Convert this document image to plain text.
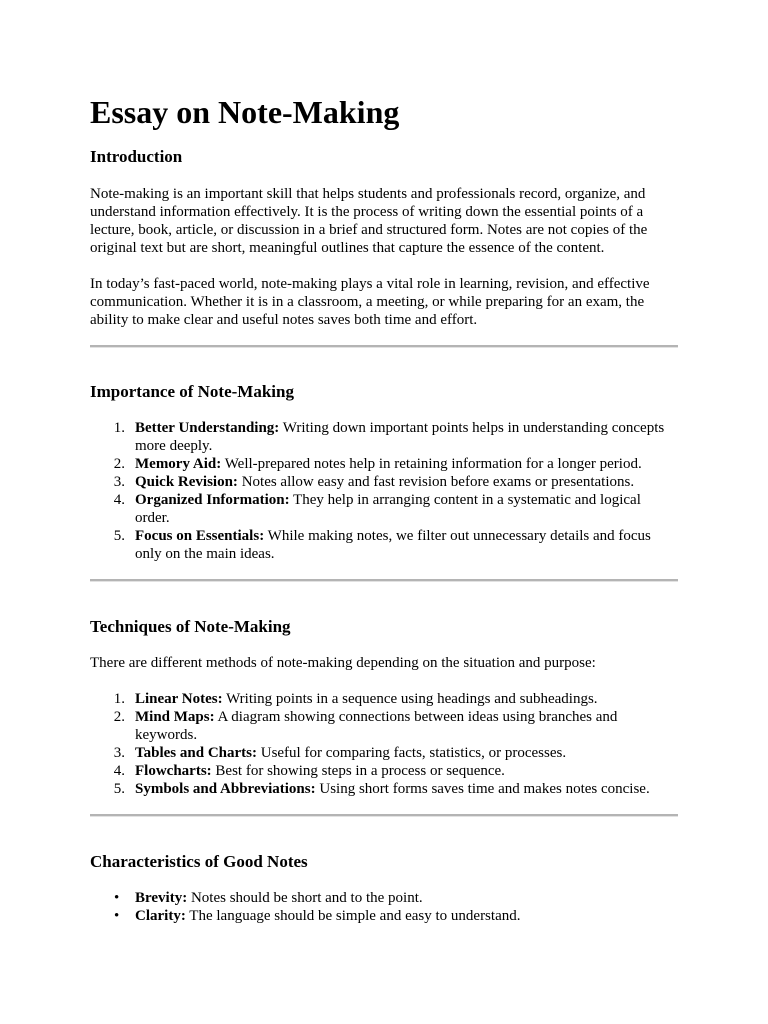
Essay on Note-Making
Introduction

Note-making is an important skill that helps students and professionals record, organize, and understand information effectively. It is the process of writing down the essential points of a lecture, book, article, or discussion in a brief and structured form. Notes are not copies of the original text but are short, meaningful outlines that capture the essence of the content.

In today’s fast-paced world, note-making plays a vital role in learning, revision, and effective communication. Whether it is in a classroom, a meeting, or while preparing for an exam, the ability to make clear and useful notes saves both time and effort.

Importance of Note-Making
1. Better Understanding: Writing down important points helps in understanding concepts more deeply.
2. Memory Aid: Well-prepared notes help in retaining information for a longer period.
3. Quick Revision: Notes allow easy and fast revision before exams or presentations.
4. Organized Information: They help in arranging content in a systematic and logical order.
5. Focus on Essentials: While making notes, we filter out unnecessary details and focus only on the main ideas.
Techniques of Note-Making

There are different methods of note-making depending on the situation and purpose:

1. Linear Notes: Writing points in a sequence using headings and subheadings.
2. Mind Maps: A diagram showing connections between ideas using branches and keywords.
3. Tables and Charts: Useful for comparing facts, statistics, or processes.
4. Flowcharts: Best for showing steps in a process or sequence.
5. Symbols and Abbreviations: Using short forms saves time and makes notes concise.
Characteristics of Good Notes
•	Brevity: Notes should be short and to the point.
•	Clarity: The language should be simple and easy to understand.
